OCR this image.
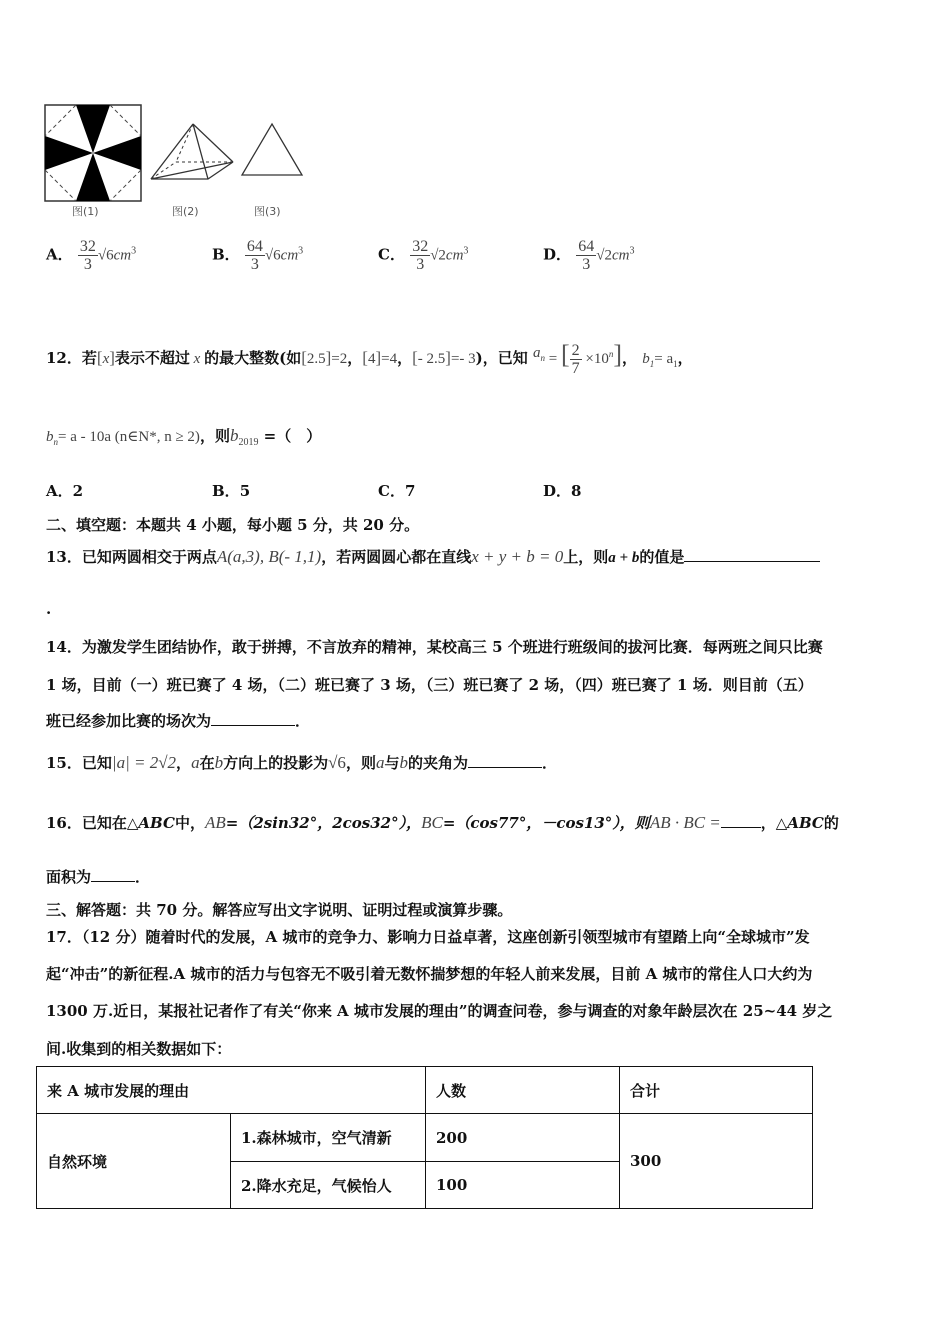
图(1)	图(2)	图(3)
A． $\frac{32}{3} √6cm^3$	B． $\frac{64}{3} √6cm^3$	C． $\frac{32}{3} √2cm^3$	D． $\frac{64}{3} √2cm^3$
12．若[x]表示不超过 x 的最大整数(如[2.5]=2，[4]=4，[- 2.5]=- 3)，已知 $a_n$ = [ $\frac{2}{7} \times 10^n$]， $b_1= a_1$，
$b_n= a - 10a$ (n∈N*, n ≥ 2)，则$b_{2019}$ =（　）
A．2	B．5	C．7	D．8
二、填空题：本题共 4 小题，每小题 5 分，共 20 分。
13．已知两圆相交于两点A(a,3), B(- 1,1)，若两圆圆心都在直线x + y + b = 0上，则a + b的值是
.
14．为激发学生团结协作，敢于拼搏，不言放弃的精神，某校高三 5 个班进行班级间的拔河比赛．每两班之间只比赛
1 场，目前（一）班已赛了 4 场，（二）班已赛了 3 场，（三）班已赛了 2 场，（四）班已赛了 1 场．则目前（五）
班已经参加比赛的场次为	．
15．已知|a| = 2√2，a在b方向上的投影为√6，则a与b的夹角为	．
16．已知在△ABC中，AB=（2sin32°，2cos32°），BC=（cos77°，－cos13°），则AB · BC =	，△ABC的
面积为	．
三、解答题：共 70 分。解答应写出文字说明、证明过程或演算步骤。
17．（12 分）随着时代的发展，A 城市的竞争力、影响力日益卓著，这座创新引领型城市有望踏上向“全球城市”发
起“冲击”的新征程.A 城市的活力与包容无不吸引着无数怀揣梦想的年轻人前来发展，目前 A 城市的常住人口大约为
1300 万.近日，某报社记者作了有关“你来 A 城市发展的理由”的调查问卷，参与调查的对象年龄层次在 25~44 岁之
间.收集到的相关数据如下：
来 A 城市发展的理由		人数	合计
自然环境	1.森林城市，空气清新	200	300
	2.降水充足，气候怡人	100	
